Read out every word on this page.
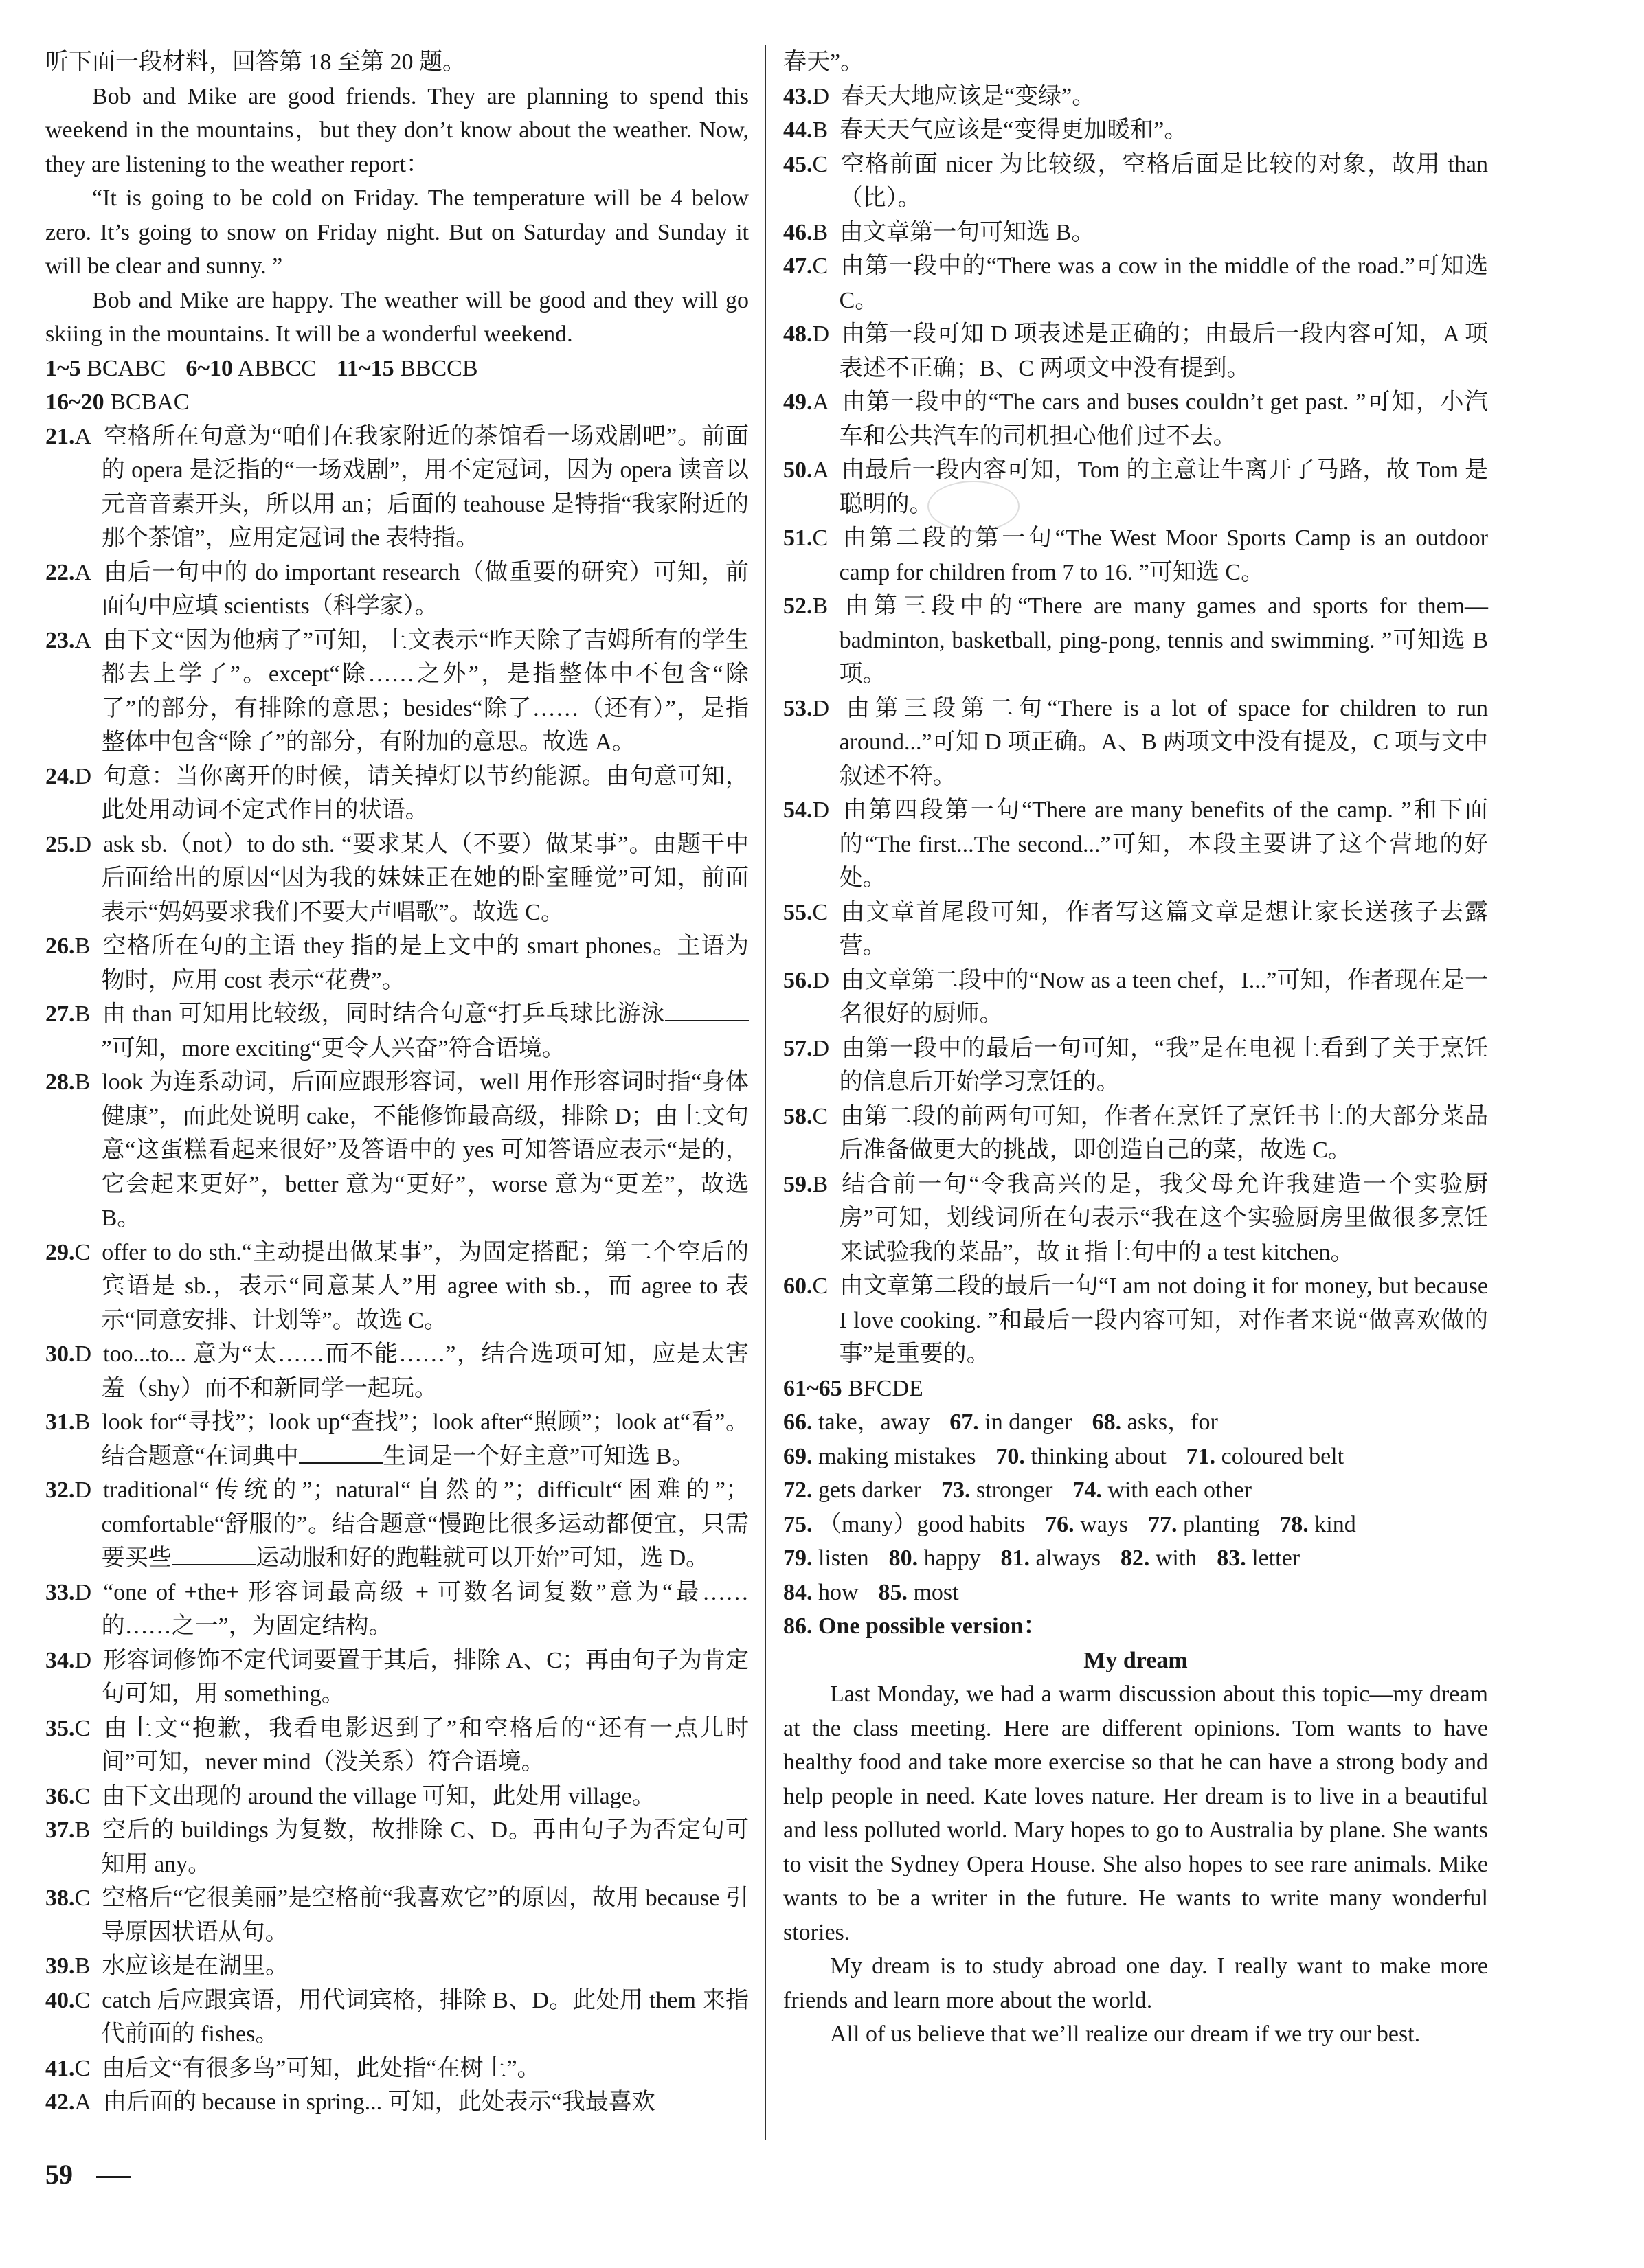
听下面一段材料，回答第 18 至第 20 题。

Bob and Mike are good friends. They are planning to spend this weekend in the mountains，but they don’t know about the weather. Now, they are listening to the weather report：

“It is going to be cold on Friday. The temperature will be 4 below zero. It’s going to snow on Friday night. But on Saturday and Sunday it will be clear and sunny. ”

Bob and Mike are happy. The weather will be good and they will go skiing in the mountains. It will be a wonderful weekend.

1~5 BCABC 6~10 ABBCC 11~15 BBCCB

16~20 BCBAC

21.A 空格所在句意为“咱们在我家附近的茶馆看一场戏剧吧”。前面的 opera 是泛指的“一场戏剧”，用不定冠词，因为 opera 读音以元音音素开头，所以用 an；后面的 teahouse 是特指“我家附近的那个茶馆”，应用定冠词 the 表特指。

22.A 由后一句中的 do important research（做重要的研究）可知，前面句中应填 scientists（科学家）。

23.A 由下文“因为他病了”可知，上文表示“昨天除了吉姆所有的学生都去上学了”。except“除……之外”，是指整体中不包含“除了”的部分，有排除的意思；besides“除了……（还有）”，是指整体中包含“除了”的部分，有附加的意思。故选 A。

24.D 句意：当你离开的时候，请关掉灯以节约能源。由句意可知，此处用动词不定式作目的状语。

25.D ask sb.（not）to do sth. “要求某人（不要）做某事”。由题干中后面给出的原因“因为我的妹妹正在她的卧室睡觉”可知，前面表示“妈妈要求我们不要大声唱歌”。故选 C。

26.B 空格所在句的主语 they 指的是上文中的 smart phones。主语为物时，应用 cost 表示“花费”。

27.B 由 than 可知用比较级，同时结合句意“打乒乓球比游泳”可知，more exciting“更令人兴奋”符合语境。

28.B look 为连系动词，后面应跟形容词，well 用作形容词时指“身体健康”，而此处说明 cake，不能修饰最高级，排除 D；由上文句意“这蛋糕看起来很好”及答语中的 yes 可知答语应表示“是的，它会起来更好”，better 意为“更好”，worse 意为“更差”，故选 B。

29.C offer to do sth.“主动提出做某事”，为固定搭配；第二个空后的宾语是 sb.，表示“同意某人”用 agree with sb.，而 agree to 表示“同意安排、计划等”。故选 C。

30.D too...to... 意为“太……而不能……”，结合选项可知，应是太害羞（shy）而不和新同学一起玩。

31.B look for“寻找”；look up“查找”；look after“照顾”；look at“看”。结合题意“在词典中	生词是一个好主意”可知选 B。

32.D traditional“传统的”；natural“自然的”；difficult“困难的”；comfortable“舒服的”。结合题意“慢跑比很多运动都便宜，只需要买些	运动服和好的跑鞋就可以开始”可知，选 D。

33.D “one of +the+ 形容词最高级 + 可数名词复数”意为“最……的……之一”，为固定结构。

34.D 形容词修饰不定代词要置于其后，排除 A、C；再由句子为肯定句可知，用 something。

35.C 由上文“抱歉，我看电影迟到了”和空格后的“还有一点儿时间”可知，never mind（没关系）符合语境。

36.C 由下文出现的 around the village 可知，此处用 village。

37.B 空后的 buildings 为复数，故排除 C、D。再由句子为否定句可知用 any。

38.C 空格后“它很美丽”是空格前“我喜欢它”的原因，故用 because 引导原因状语从句。

39.B 水应该是在湖里。

40.C catch 后应跟宾语，用代词宾格，排除 B、D。此处用 them 来指代前面的 fishes。

41.C 由后文“有很多鸟”可知，此处指“在树上”。

42.A 由后面的 because in spring... 可知，此处表示“我最喜欢

春天”。

43.D 春天大地应该是“变绿”。

44.B 春天天气应该是“变得更加暖和”。

45.C 空格前面 nicer 为比较级，空格后面是比较的对象，故用 than（比）。

46.B 由文章第一句可知选 B。

47.C 由第一段中的“There was a cow in the middle of the road.”可知选 C。

48.D 由第一段可知 D 项表述是正确的；由最后一段内容可知，A 项表述不正确；B、C 两项文中没有提到。

49.A 由第一段中的“The cars and buses couldn’t get past. ”可知，小汽车和公共汽车的司机担心他们过不去。

50.A 由最后一段内容可知，Tom 的主意让牛离开了马路，故 Tom 是聪明的。

51.C 由第二段的第一句“The West Moor Sports Camp is an outdoor camp for children from 7 to 16. ”可知选 C。

52.B 由第三段中的“There are many games and sports for them—badminton, basketball, ping-pong, tennis and swimming. ”可知选 B 项。

53.D 由第三段第二句“There is a lot of space for children to run around...”可知 D 项正确。A、B 两项文中没有提及，C 项与文中叙述不符。

54.D 由第四段第一句“There are many benefits of the camp. ”和下面的“The first...The second...”可知，本段主要讲了这个营地的好处。

55.C 由文章首尾段可知，作者写这篇文章是想让家长送孩子去露营。

56.D 由文章第二段中的“Now as a teen chef，I...”可知，作者现在是一名很好的厨师。

57.D 由第一段中的最后一句可知，“我”是在电视上看到了关于烹饪的信息后开始学习烹饪的。

58.C 由第二段的前两句可知，作者在烹饪了烹饪书上的大部分菜品后准备做更大的挑战，即创造自己的菜，故选 C。

59.B 结合前一句“令我高兴的是，我父母允许我建造一个实验厨房”可知，划线词所在句表示“我在这个实验厨房里做很多烹饪来试验我的菜品”，故 it 指上句中的 a test kitchen。

60.C 由文章第二段的最后一句“I am not doing it for money, but because I love cooking. ”和最后一段内容可知，对作者来说“做喜欢做的事”是重要的。

61~65 BFCDE

66. take，away 67. in danger 68. asks，for

69. making mistakes 70. thinking about 71. coloured belt

72. gets darker 73. stronger 74. with each other

75. （many）good habits 76. ways 77. planting 78. kind

79. listen 80. happy 81. always 82. with 83. letter

84. how 85. most

86. One possible version：

My dream

Last Monday, we had a warm discussion about this topic—my dream at the class meeting. Here are different opinions. Tom wants to have healthy food and take more exercise so that he can have a strong body and help people in need. Kate loves nature. Her dream is to live in a beautiful and less polluted world. Mary hopes to go to Australia by plane. She wants to visit the Sydney Opera House. She also hopes to see rare animals. Mike wants to be a writer in the future. He wants to write many wonderful stories.

My dream is to study abroad one day. I really want to make more friends and learn more about the world.

All of us believe that we’ll realize our dream if we try our best.

59
